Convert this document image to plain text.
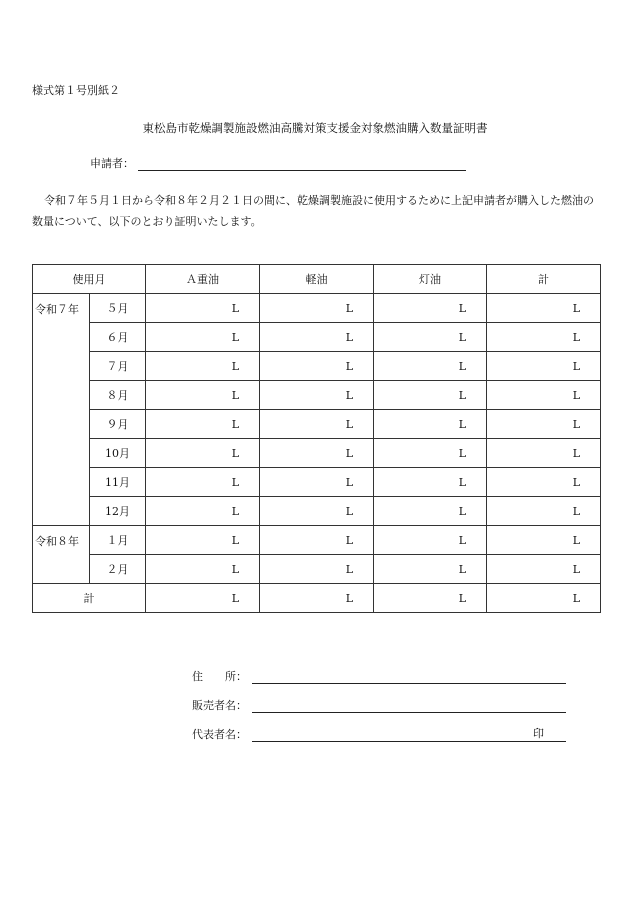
様式第１号別紙２
東松島市乾燥調製施設燃油高騰対策支援金対象燃油購入数量証明書
申請者：

令和７年５月１日から令和８年２月２１日の間に、乾燥調製施設に使用するために上記申請者が購入した燃油の数量について、以下のとおり証明いたします。

使用月		Ａ重油	軽油	灯油	計
令和７年	５月	L	L	L	L
	６月	L	L	L	L
	７月	L	L	L	L
	８月	L	L	L	L
	９月	L	L	L	L
	10月	L	L	L	L
	11月	L	L	L	L
	12月	L	L	L	L
令和８年	１月	L	L	L	L
	２月	L	L	L	L
計		L	L	L	L
住　　所：
販売者名：
代表者名：	印
